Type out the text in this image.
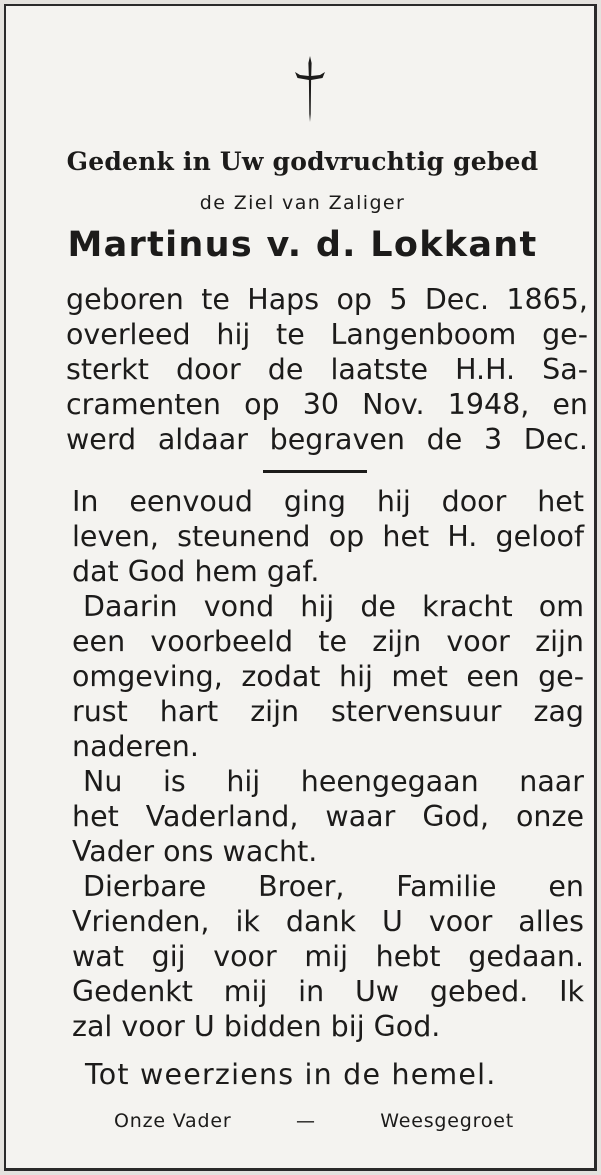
Gedenk in Uw godvruchtig gebed
de Ziel van Zaliger
Martinus v. d. Lokkant
geboren te Haps op 5 Dec. 1865,
overleed hij te Langenboom ge-
sterkt door de laatste H.H. Sa-
cramenten op 30 Nov. 1948, en
werd aldaar begraven de 3 Dec.
In eenvoud ging hij door het
leven, steunend op het H. geloof
dat God hem gaf.
Daarin vond hij de kracht om
een voorbeeld te zijn voor zijn
omgeving, zodat hij met een ge-
rust hart zijn stervensuur zag
naderen.
Nu is hij heengegaan naar
het Vaderland, waar God, onze
Vader ons wacht.
Dierbare Broer, Familie en
Vrienden, ik dank U voor alles
wat gij voor mij hebt gedaan.
Gedenkt mij in Uw gebed. Ik
zal voor U bidden bij God.
Tot weerziens in de hemel.
Onze Vader	—	Weesgegroet
